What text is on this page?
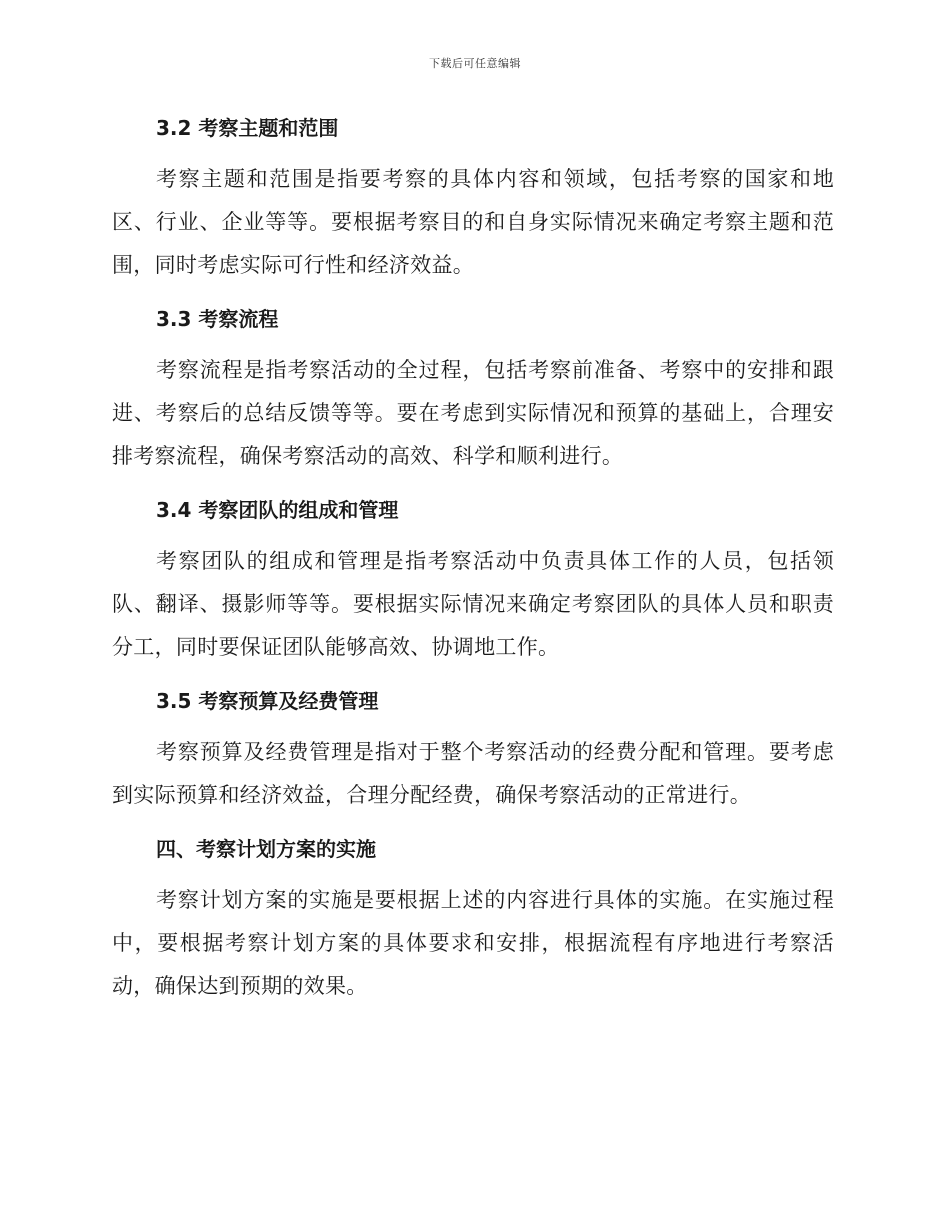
下载后可任意编辑
3.2 考察主题和范围

考察主题和范围是指要考察的具体内容和领域，包括考察的国家和地区、行业、企业等等。要根据考察目的和自身实际情况来确定考察主题和范围，同时考虑实际可行性和经济效益。

3.3 考察流程

考察流程是指考察活动的全过程，包括考察前准备、考察中的安排和跟进、考察后的总结反馈等等。要在考虑到实际情况和预算的基础上，合理安排考察流程，确保考察活动的高效、科学和顺利进行。

3.4 考察团队的组成和管理

考察团队的组成和管理是指考察活动中负责具体工作的人员，包括领队、翻译、摄影师等等。要根据实际情况来确定考察团队的具体人员和职责分工，同时要保证团队能够高效、协调地工作。

3.5 考察预算及经费管理

考察预算及经费管理是指对于整个考察活动的经费分配和管理。要考虑到实际预算和经济效益，合理分配经费，确保考察活动的正常进行。

四、考察计划方案的实施

考察计划方案的实施是要根据上述的内容进行具体的实施。在实施过程中，要根据考察计划方案的具体要求和安排，根据流程有序地进行考察活动，确保达到预期的效果。
